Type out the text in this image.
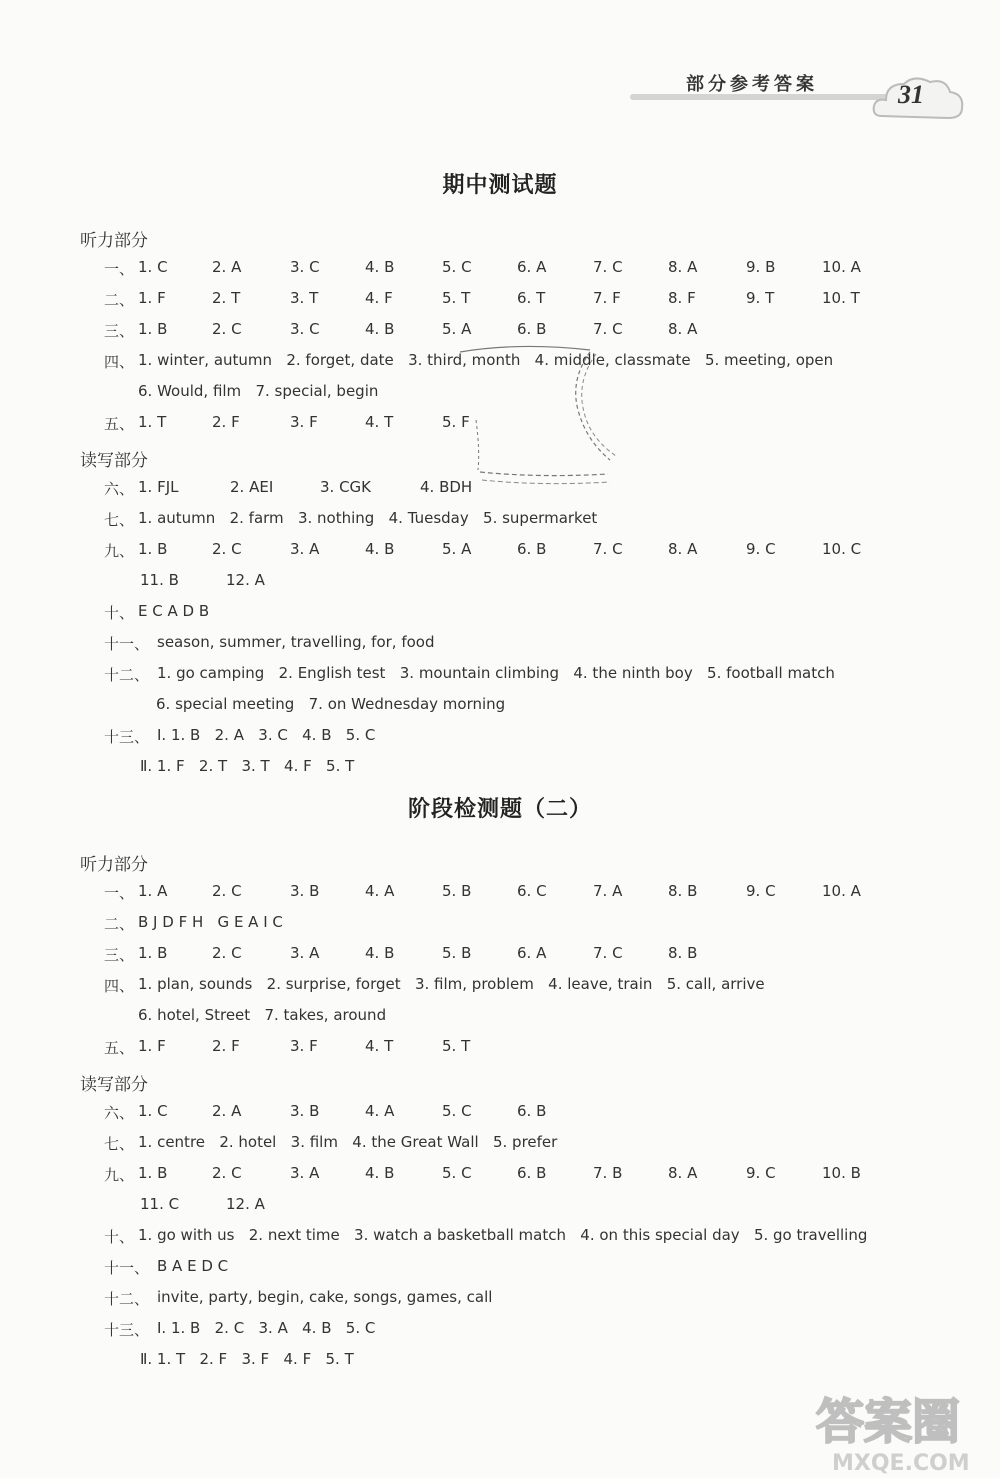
部分参考答案	31
期中测试题
听力部分
一、 1. C	2. A	3. C	4. B	5. C	6. A	7. C	8. A	9. B	10. A
二、 1. F	2. T	3. T	4. F	5. T	6. T	7. F	8. F	9. T	10. T
三、 1. B	2. C	3. C	4. B	5. A	6. B	7. C	8. A
四、 1. winter, autumn   2. forget, date   3. third, month   4. middle, classmate   5. meeting, open
6. Would, film   7. special, begin
五、 1. T	2. F	3. F	4. T	5. F
读写部分
六、 1. FJL	2. AEI	3. CGK	4. BDH
七、 1. autumn   2. farm   3. nothing   4. Tuesday   5. supermarket
九、 1. B	2. C	3. A	4. B	5. A	6. B	7. C	8. A	9. C	10. C
11. B	12. A
十、 E C A D B
十一、 season, summer, travelling, for, food
十二、 1. go camping   2. English test   3. mountain climbing   4. the ninth boy   5. football match
6. special meeting   7. on Wednesday morning
十三、 Ⅰ. 1. B   2. A   3. C   4. B   5. C
Ⅱ. 1. F   2. T   3. T   4. F   5. T
阶段检测题（二）
听力部分
一、 1. A	2. C	3. B	4. A	5. B	6. C	7. A	8. B	9. C	10. A
二、 B J D F H   G E A I C
三、 1. B	2. C	3. A	4. B	5. B	6. A	7. C	8. B
四、 1. plan, sounds   2. surprise, forget   3. film, problem   4. leave, train   5. call, arrive
6. hotel, Street   7. takes, around
五、 1. F	2. F	3. F	4. T	5. T
读写部分
六、 1. C	2. A	3. B	4. A	5. C	6. B
七、 1. centre   2. hotel   3. film   4. the Great Wall   5. prefer
九、 1. B	2. C	3. A	4. B	5. C	6. B	7. B	8. A	9. C	10. B
11. C	12. A
十、 1. go with us   2. next time   3. watch a basketball match   4. on this special day   5. go travelling
十一、 B A E D C
十二、 invite, party, begin, cake, songs, games, call
十三、 Ⅰ. 1. B   2. C   3. A   4. B   5. C
Ⅱ. 1. T   2. F   3. F   4. F   5. T
答案圈
MXQE.COM
